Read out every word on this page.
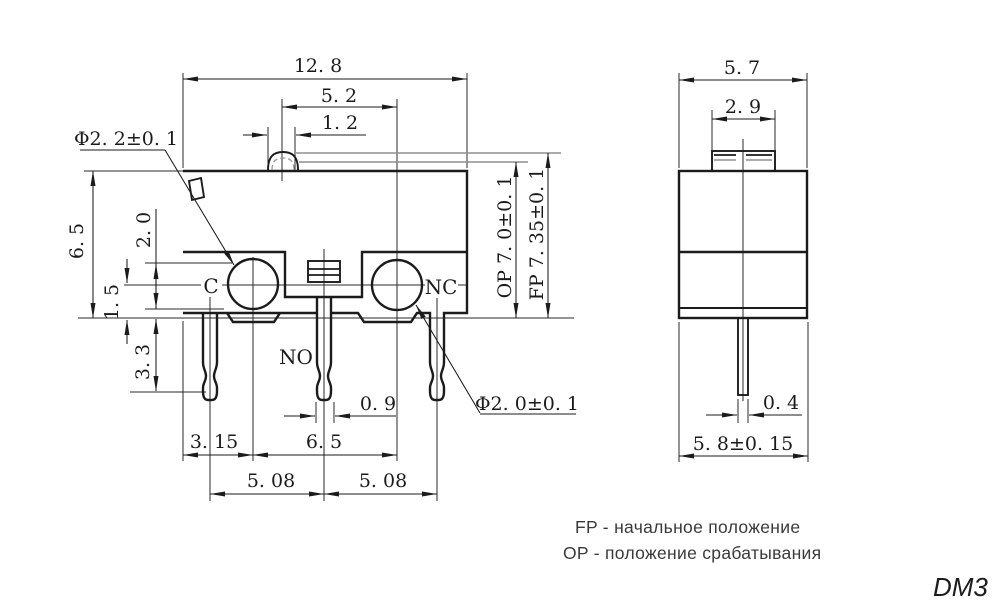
12. 8
5. 2
1. 2
Φ2. 2±0. 1
6. 5 2. 0
1. 5
3. 3
0. 9	Φ2. 0±0. 1
3. 15	6. 5
5. 08	5. 08
OP 7. 0±0. 1 FP 7. 35±0. 1
C	NC
NO
5. 7
2. 9
0. 4
5. 8±0. 15
FP - начальное положение
OP - положение срабатывания
DM3
